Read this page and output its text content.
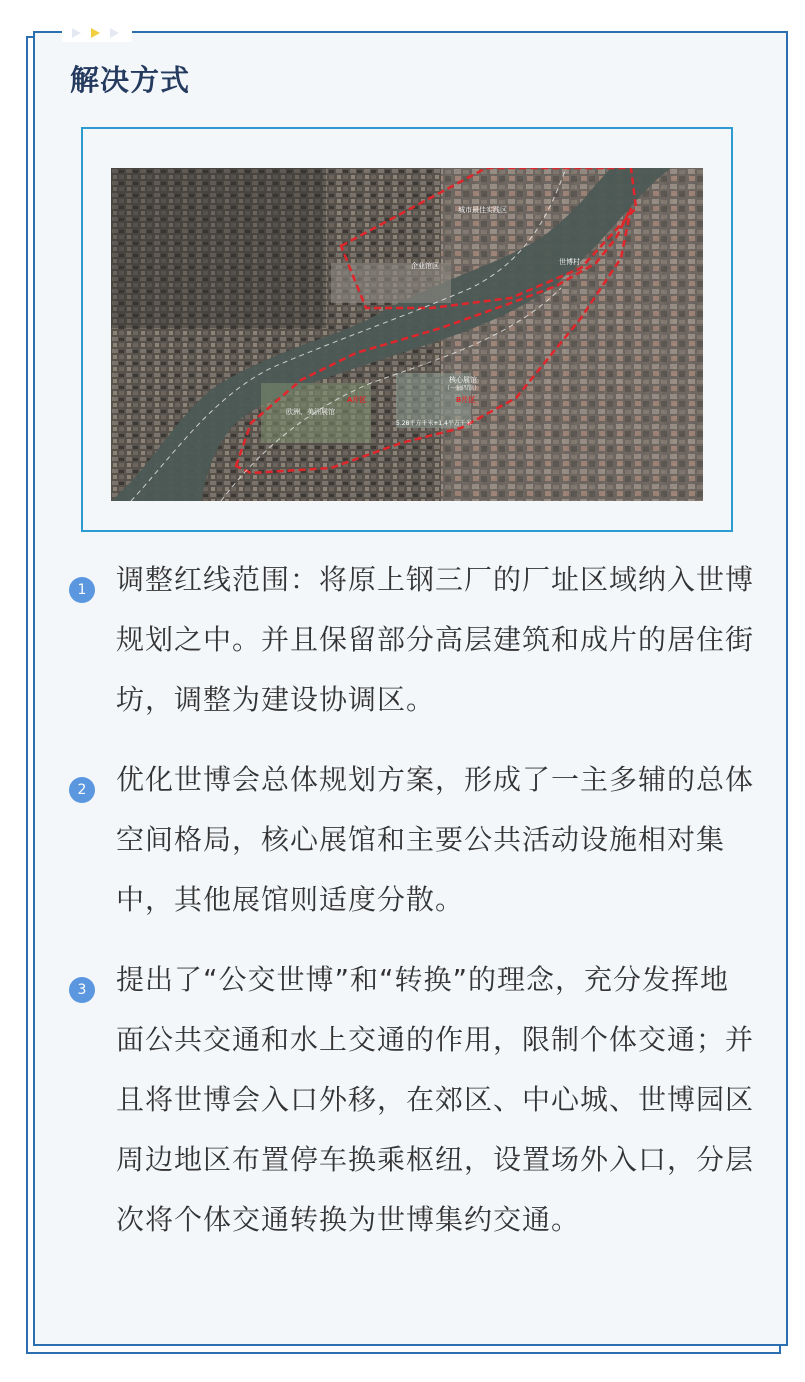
解决方式
城市最佳实践区
企业馆区	世博村
核心展馆
（一轴四馆）
欧洲、美洲展馆
5.28平方千米+1.4平方千米
A片区	B片区
1	调整红线范围：将原上钢三厂的厂址区域纳入世博规划之中。并且保留部分高层建筑和成片的居住街坊，调整为建设协调区。

2	优化世博会总体规划方案，形成了一主多辅的总体空间格局，核心展馆和主要公共活动设施相对集中，其他展馆则适度分散。

3	提出了“公交世博”和“转换”的理念，充分发挥地面公共交通和水上交通的作用，限制个体交通；并且将世博会入口外移，在郊区、中心城、世博园区周边地区布置停车换乘枢纽，设置场外入口，分层次将个体交通转换为世博集约交通。
